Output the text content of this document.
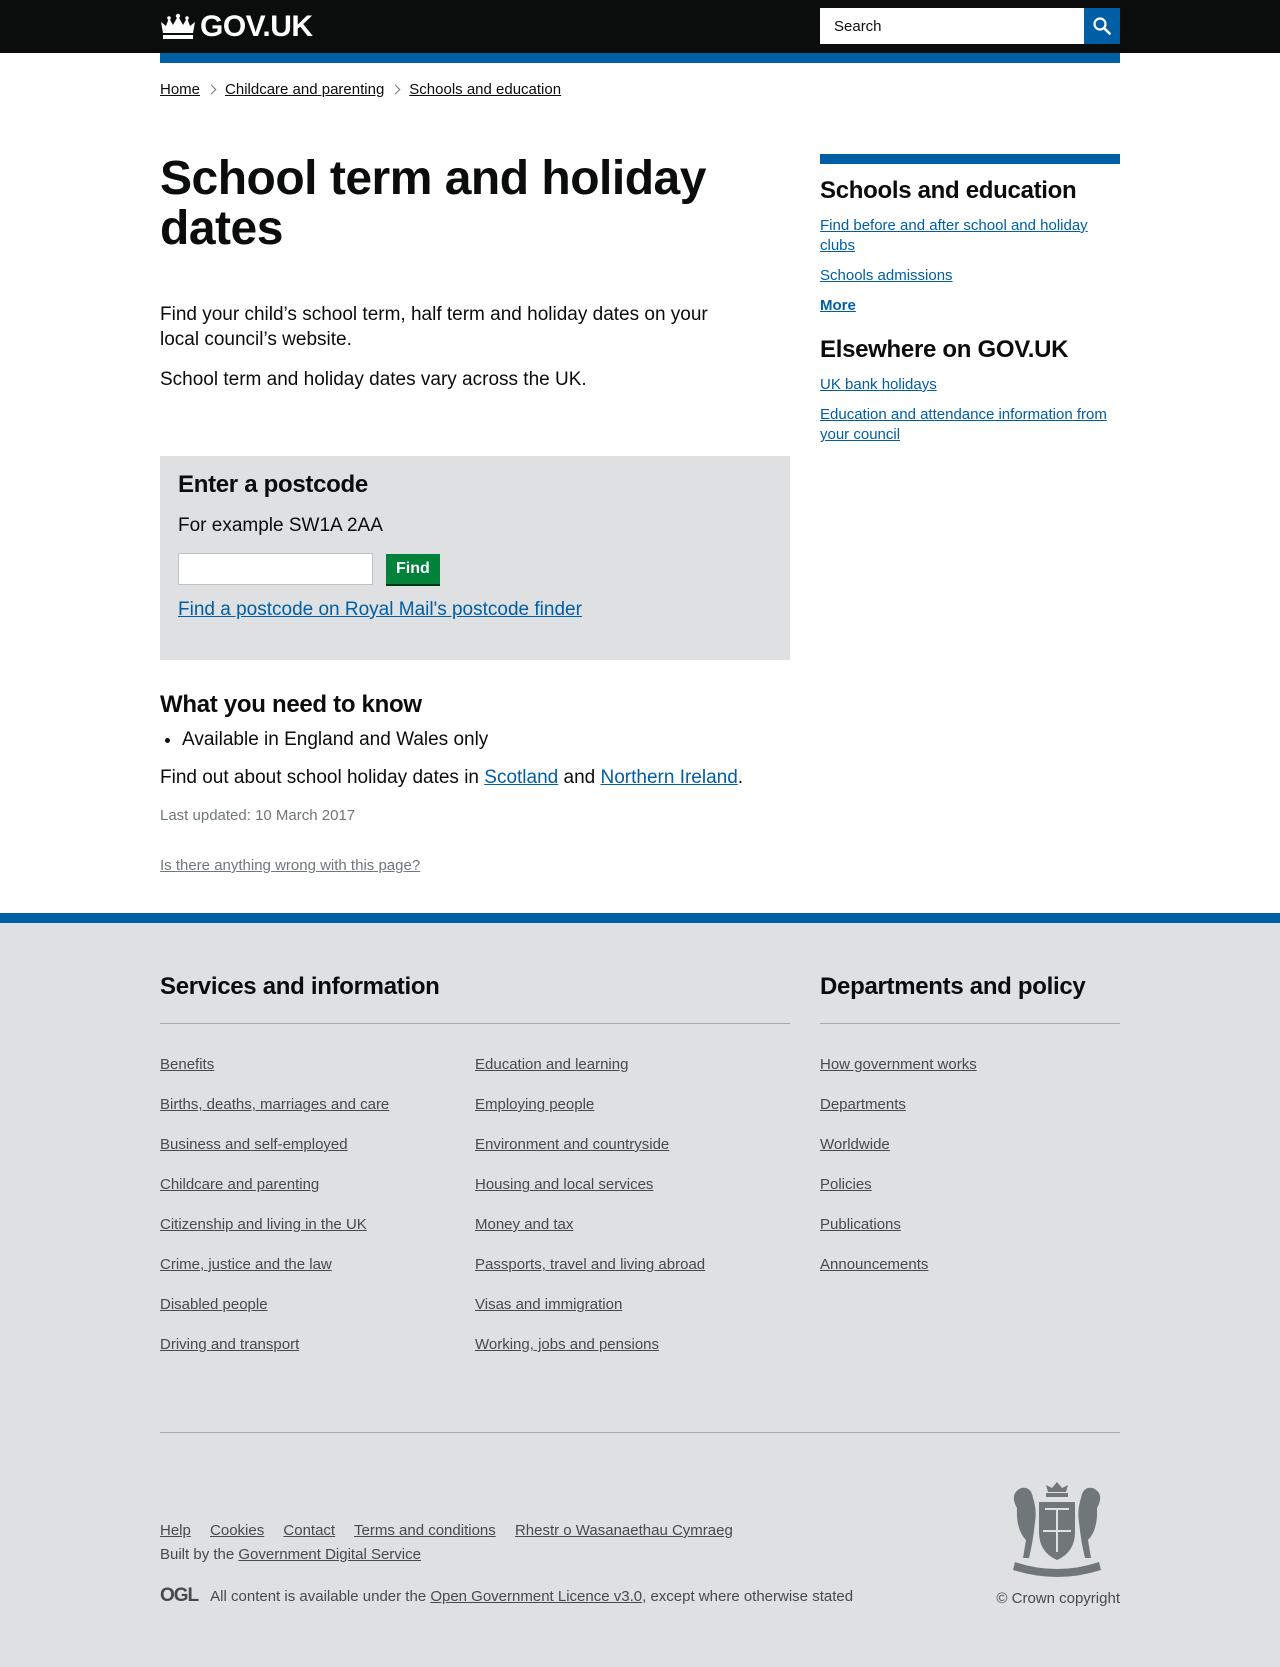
GOV.UK
Search
Home Childcare and parenting Schools and education
School term and holiday dates

Find your child’s school term, half term and holiday dates on your local council’s website.

School term and holiday dates vary across the UK.

Enter a postcode

For example SW1A 2AA

Find
Find a postcode on Royal Mail's postcode finder
What you need to know
• Available in England and Wales only

Find out about school holiday dates in Scotland and Northern Ireland.

Last updated: 10 March 2017

Is there anything wrong with this page?
Schools and education
Find before and after school and holiday clubs
Schools admissions
More
Elsewhere on GOV.UK
UK bank holidays
Education and attendance information from your council
Services and information
Benefits
Births, deaths, marriages and care
Business and self-employed
Childcare and parenting
Citizenship and living in the UK
Crime, justice and the law
Disabled people
Driving and transport
Education and learning
Employing people
Environment and countryside
Housing and local services
Money and tax
Passports, travel and living abroad
Visas and immigration
Working, jobs and pensions
Departments and policy
How government works
Departments
Worldwide
Policies
Publications
Announcements
Help Cookies Contact Terms and conditions Rhestr o Wasanaethau Cymraeg
Built by the Government Digital Service
OGL All content is available under the Open Government Licence v3.0, except where otherwise stated	© Crown copyright
